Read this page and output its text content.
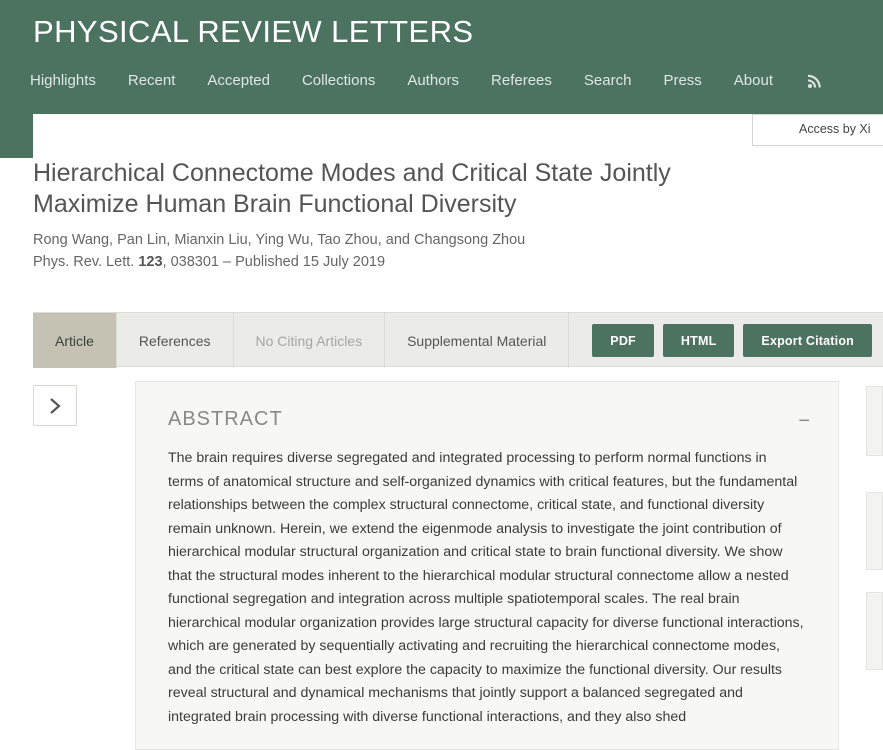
PHYSICAL REVIEW LETTERS
Highlights	Recent	Accepted	Collections	Authors	Referees	Search	Press	About
Access by Xi
Hierarchical Connectome Modes and Critical State Jointly Maximize Human Brain Functional Diversity

Rong Wang, Pan Lin, Mianxin Liu, Ying Wu, Tao Zhou, and Changsong Zhou

Phys. Rev. Lett. 123, 038301 – Published 15 July 2019

Article	References	No Citing Articles	Supplemental Material	PDF	HTML	Export Citation
ABSTRACT	−
The brain requires diverse segregated and integrated processing to perform normal functions in terms of anatomical structure and self-organized dynamics with critical features, but the fundamental relationships between the complex structural connectome, critical state, and functional diversity remain unknown. Herein, we extend the eigenmode analysis to investigate the joint contribution of hierarchical modular structural organization and critical state to brain functional diversity. We show that the structural modes inherent to the hierarchical modular structural connectome allow a nested functional segregation and integration across multiple spatiotemporal scales. The real brain hierarchical modular organization provides large structural capacity for diverse functional interactions, which are generated by sequentially activating and recruiting the hierarchical connectome modes, and the critical state can best explore the capacity to maximize the functional diversity. Our results reveal structural and dynamical mechanisms that jointly support a balanced segregated and integrated brain processing with diverse functional interactions, and they also shed
